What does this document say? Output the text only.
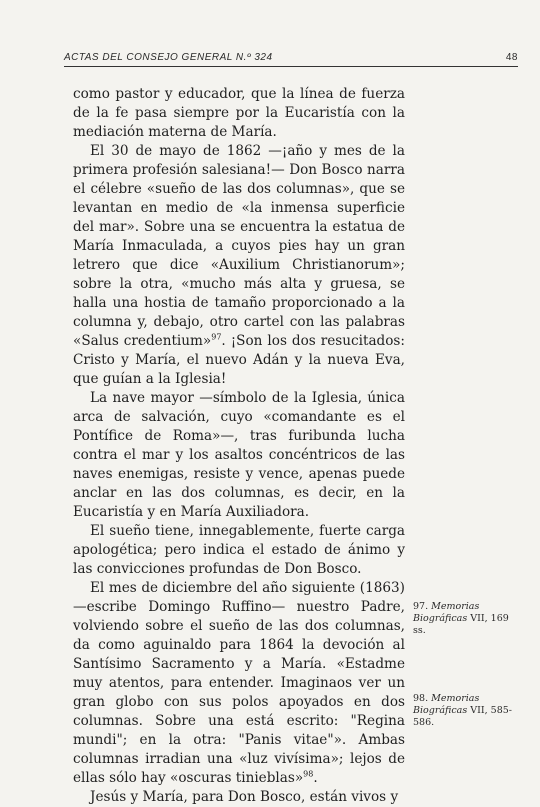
ACTAS DEL CONSEJO GENERAL N.º 324	48

como pastor y educador, que la línea de fuerza de la fe pasa siempre por la Eucaristía con la mediación materna de María.

El 30 de mayo de 1862 —¡año y mes de la primera profesión salesiana!— Don Bosco narra el célebre «sueño de las dos columnas», que se levantan en medio de «la inmensa superficie del mar». Sobre una se encuentra la estatua de María Inmaculada, a cuyos pies hay un gran letrero que dice «Auxilium Christianorum»; sobre la otra, «mucho más alta y gruesa, se halla una hostia de tamaño proporcionado a la columna y, debajo, otro cartel con las palabras «Salus credentium»$^{97}$. ¡Son los dos resucitados: Cristo y María, el nuevo Adán y la nueva Eva, que guían a la Iglesia!

La nave mayor —símbolo de la Iglesia, única arca de salvación, cuyo «comandante es el Pontífice de Roma»—, tras furibunda lucha contra el mar y los asaltos concéntricos de las naves enemigas, resiste y vence, apenas puede anclar en las dos columnas, es decir, en la Eucaristía y en María Auxiliadora.

El sueño tiene, innegablemente, fuerte carga apologética; pero indica el estado de ánimo y las convicciones profundas de Don Bosco.

El mes de diciembre del año siguiente (1863) —escribe Domingo Ruffino— nuestro Padre, volviendo sobre el sueño de las dos columnas, da como aguinaldo para 1864 la devoción al Santísimo Sacramento y a María. «Estadme muy atentos, para entender. Imaginaos ver un gran globo con sus polos apoyados en dos columnas. Sobre una está escrito: "Regina mundi"; en la otra: "Panis vitae"». Ambas columnas irradian una «luz vivísima»; lejos de ellas sólo hay «oscuras tinieblas»$^{98}$.

Jesús y María, para Don Bosco, están vivos y

97. Memorias Biográficas VII, 169 ss.
98. Memorias Biográficas VII, 585-586.
